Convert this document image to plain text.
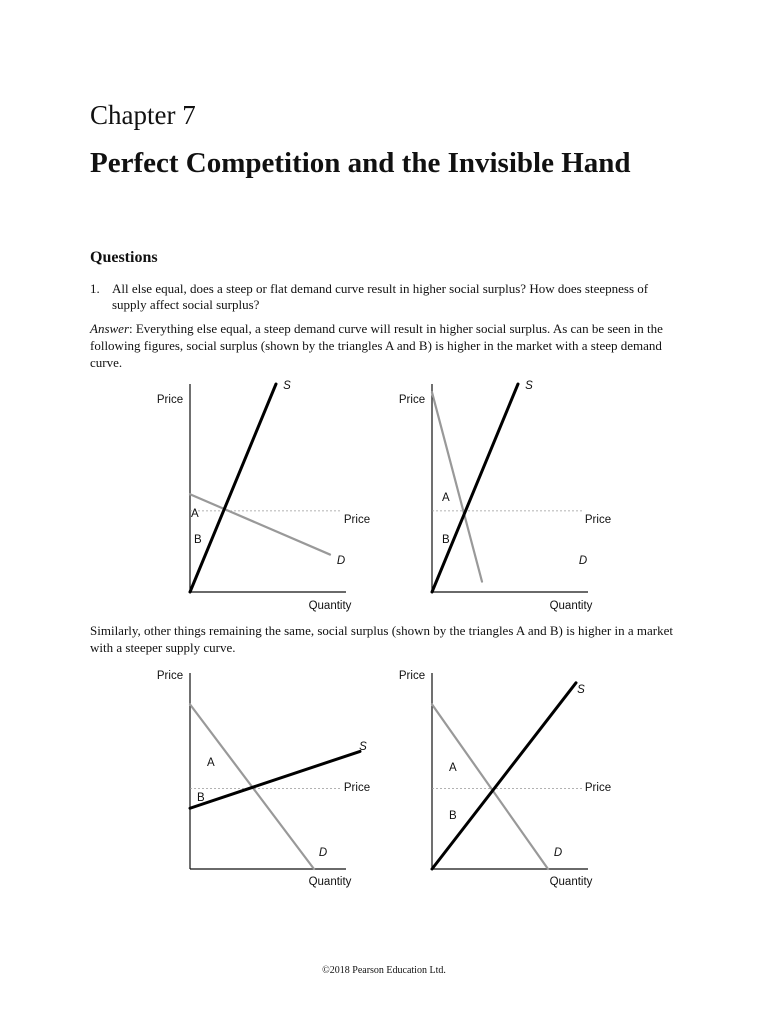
Chapter 7
Perfect Competition and the Invisible Hand
Questions
1. All else equal, does a steep or flat demand curve result in higher social surplus? How does steepness of supply affect social surplus?

Answer: Everything else equal, a steep demand curve will result in higher social surplus. As can be seen in the following figures, social surplus (shown by the triangles A and B) is higher in the market with a steep demand curve.

Similarly, other things remaining the same, social surplus (shown by the triangles A and B) is higher in a market with a steeper supply curve.

©2018 Pearson Education Ltd.
Price
Quantity
Price
A
B
S
D
Price
Quantity
Price
A
B
S
D
Price
Quantity
Price
A
B
S
D
Price
Quantity
Price
A
B
S
D
